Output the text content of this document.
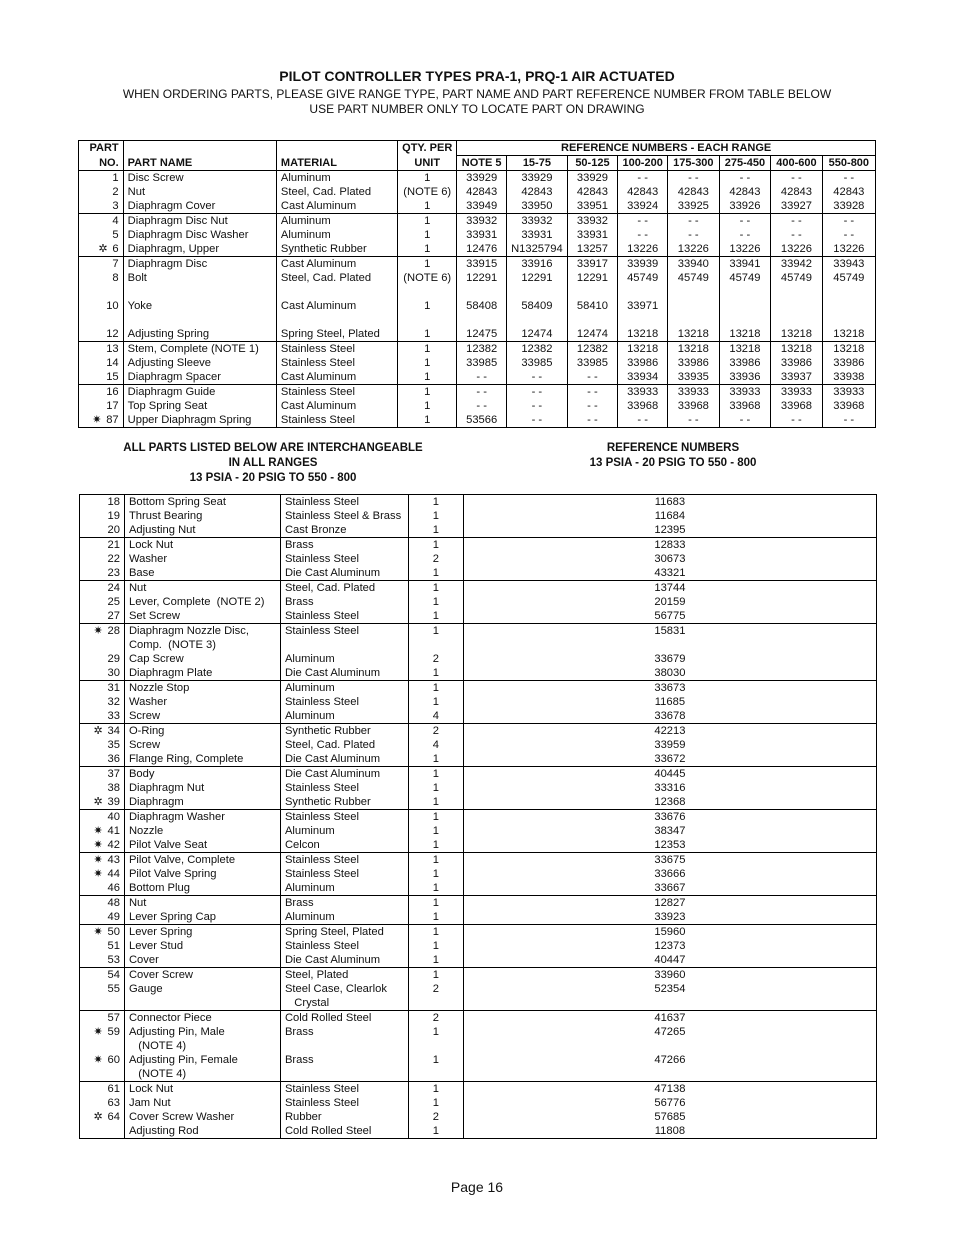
PILOT CONTROLLER TYPES PRA-1, PRQ-1 AIR ACTUATED
WHEN ORDERING PARTS, PLEASE GIVE RANGE TYPE, PART NAME AND PART REFERENCE NUMBER FROM TABLE BELOW
USE PART NUMBER ONLY TO LOCATE PART ON DRAWING
PART			QTY. PER	REFERENCE NUMBERS - EACH RANGE							
NO.	PART NAME	MATERIAL	UNIT	NOTE 5	15-75	50-125	100-200	175-300	275-450	400-600	550-800
1	Disc Screw	Aluminum	1	33929	33929	33929	- -	- -	- -	- -	- -
2	Nut	Steel, Cad. Plated	(NOTE 6)	42843	42843	42843	42843	42843	42843	42843	42843
3	Diaphragm Cover	Cast Aluminum	1	33949	33950	33951	33924	33925	33926	33927	33928
4	Diaphragm Disc Nut	Aluminum	1	33932	33932	33932	- -	- -	- -	- -	- -
5	Diaphragm Disc Washer	Aluminum	1	33931	33931	33931	- -	- -	- -	- -	- -
✲ 6	Diaphragm, Upper	Synthetic Rubber	1	12476	N1325794	13257	13226	13226	13226	13226	13226
7	Diaphragm Disc	Cast Aluminum	1	33915	33916	33917	33939	33940	33941	33942	33943
8	Bolt	Steel, Cad. Plated	(NOTE 6)	12291	12291	12291	45749	45749	45749	45749	45749

10	Yoke	Cast Aluminum	1	58408	58409	58410	33971				

12	Adjusting Spring	Spring Steel, Plated	1	12475	12474	12474	13218	13218	13218	13218	13218
13	Stem, Complete (NOTE 1)	Stainless Steel	1	12382	12382	12382	13218	13218	13218	13218	13218
14	Adjusting Sleeve	Stainless Steel	1	33985	33985	33985	33986	33986	33986	33986	33986
15	Diaphragm Spacer	Cast Aluminum	1	- -	- -	- -	33934	33935	33936	33937	33938
16	Diaphragm Guide	Stainless Steel	1	- -	- -	- -	33933	33933	33933	33933	33933
17	Top Spring Seat	Cast Aluminum	1	- -	- -	- -	33968	33968	33968	33968	33968
✷ 87	Upper Diaphragm Spring	Stainless Steel	1	53566	- -	- -	- -	- -	- -	- -	- -
ALL PARTS LISTED BELOW ARE INTERCHANGEABLE
IN ALL RANGES
13 PSIA - 20 PSIG TO 550 - 800
REFERENCE NUMBERS
13 PSIA - 20 PSIG TO 550 - 800
18	Bottom Spring Seat	Stainless Steel	1	11683
19	Thrust Bearing	Stainless Steel & Brass	1	11684
20	Adjusting Nut	Cast Bronze	1	12395
21	Lock Nut	Brass	1	12833
22	Washer	Stainless Steel	2	30673
23	Base	Die Cast Aluminum	1	43321
24	Nut	Steel, Cad. Plated	1	13744
25	Lever, Complete  (NOTE 2)	Brass	1	20159
27	Set Screw	Stainless Steel	1	56775
✷ 28	Diaphragm Nozzle Disc,	Stainless Steel	1	15831
	Comp.  (NOTE 3)			
29	Cap Screw	Aluminum	2	33679
30	Diaphragm Plate	Die Cast Aluminum	1	38030
31	Nozzle Stop	Aluminum	1	33673
32	Washer	Stainless Steel	1	11685
33	Screw	Aluminum	4	33678
✲ 34	O-Ring	Synthetic Rubber	2	42213
35	Screw	Steel, Cad. Plated	4	33959
36	Flange Ring, Complete	Die Cast Aluminum	1	33672
37	Body	Die Cast Aluminum	1	40445
38	Diaphragm Nut	Stainless Steel	1	33316
✲ 39	Diaphragm	Synthetic Rubber	1	12368
40	Diaphragm Washer	Stainless Steel	1	33676
✷ 41	Nozzle	Aluminum	1	38347
✷ 42	Pilot Valve Seat	Celcon	1	12353
✷ 43	Pilot Valve, Complete	Stainless Steel	1	33675
✷ 44	Pilot Valve Spring	Stainless Steel	1	33666
46	Bottom Plug	Aluminum	1	33667
48	Nut	Brass	1	12827
49	Lever Spring Cap	Aluminum	1	33923
✷ 50	Lever Spring	Spring Steel, Plated	1	15960
51	Lever Stud	Stainless Steel	1	12373
53	Cover	Die Cast Aluminum	1	40447
54	Cover Screw	Steel, Plated	1	33960
55	Gauge	Steel Case, Clearlok	2	52354
		Crystal		
57	Connector Piece	Cold Rolled Steel	2	41637
✷ 59	Adjusting Pin, Male	Brass	1	47265
	(NOTE 4)			
✷ 60	Adjusting Pin, Female	Brass	1	47266
	(NOTE 4)			
61	Lock Nut	Stainless Steel	1	47138
63	Jam Nut	Stainless Steel	1	56776
✲ 64	Cover Screw Washer	Rubber	2	57685
	Adjusting Rod	Cold Rolled Steel	1	11808
Page 16
